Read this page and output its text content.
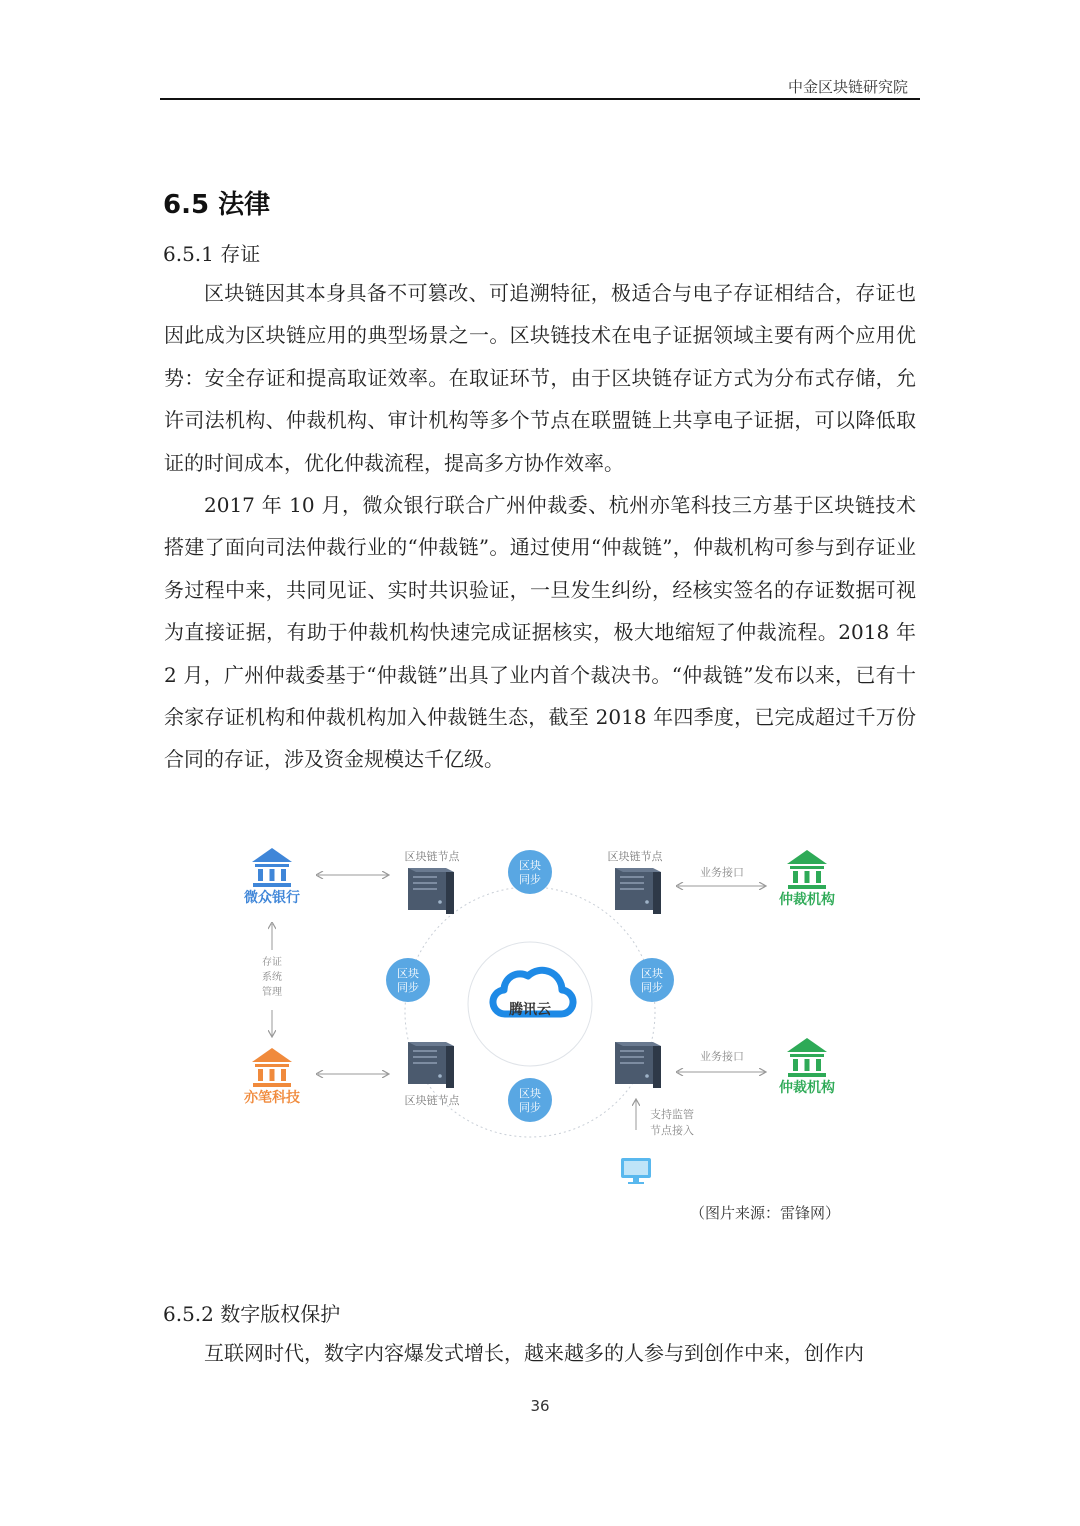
中金区块链研究院
6.5 法律
6.5.1 存证

区块链因其本身具备不可篡改、可追溯特征，极适合与电子存证相结合，存证也因此成为区块链应用的典型场景之一。区块链技术在电子证据领域主要有两个应用优势：安全存证和提高取证效率。在取证环节，由于区块链存证方式为分布式存储，允许司法机构、仲裁机构、审计机构等多个节点在联盟链上共享电子证据，可以降低取证的时间成本，优化仲裁流程，提高多方协作效率。

2017 年 10 月，微众银行联合广州仲裁委、杭州亦笔科技三方基于区块链技术搭建了面向司法仲裁行业的“仲裁链”。通过使用“仲裁链”，仲裁机构可参与到存证业务过程中来，共同见证、实时共识验证，一旦发生纠纷，经核实签名的存证数据可视为直接证据，有助于仲裁机构快速完成证据核实，极大地缩短了仲裁流程。2018 年 2 月，广州仲裁委基于“仲裁链”出具了业内首个裁决书。“仲裁链”发布以来，已有十余家存证机构和仲裁机构加入仲裁链生态，截至 2018 年四季度，已完成超过千万份合同的存证，涉及资金规模达千亿级。

腾讯云
区块链节点	区块链节点
区块链节点
区块
同步
区块
同步
区块
同步
区块
同步
微众银行
亦笔科技
存证
系统
管理
仲裁机构
仲裁机构
业务接口
业务接口
支持监管
节点接入
（图片来源：雷锋网）
6.5.2 数字版权保护

互联网时代，数字内容爆发式增长，越来越多的人参与到创作中来，创作内

36
